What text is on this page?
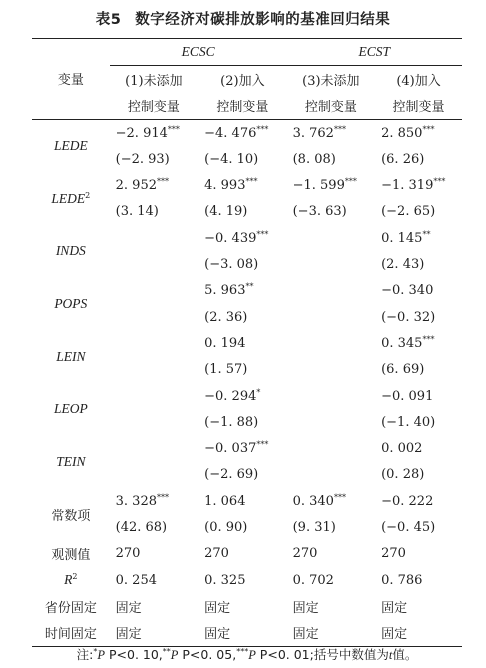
表5 数字经济对碳排放影响的基准回归结果
变量	ECSC		ECST	
	(1)未添加	(2)加入	(3)未添加	(4)加入
	控制变量	控制变量	控制变量	控制变量
LEDE	−2. 914***	−4. 476***	3. 762***	2. 850***
	(−2. 93)	(−4. 10)	(8. 08)	(6. 26)
LEDE$^2$	2. 952***	4. 993***	−1. 599***	−1. 319***
	(3. 14)	(4. 19)	(−3. 63)	(−2. 65)
INDS		−0. 439***		0. 145**
		(−3. 08)		(2. 43)
POPS		5. 963**		−0. 340
		(2. 36)		(−0. 32)
LEIN		0. 194		0. 345***
		(1. 57)		(6. 69)
LEOP		−0. 294*		−0. 091
		(−1. 88)		(−1. 40)
TEIN		−0. 037***		0. 002
		(−2. 69)		(0. 28)
常数项	3. 328***	1. 064	0. 340***	−0. 222
	(42. 68)	(0. 90)	(9. 31)	(−0. 45)
观测值	270	270	270	270
$R^2$	0. 254	0. 325	0. 702	0. 786
省份固定	固定	固定	固定	固定
时间固定	固定	固定	固定	固定
注:*P P<0. 10,**P P<0. 05,***P P<0. 01;括号中数值为t值。
